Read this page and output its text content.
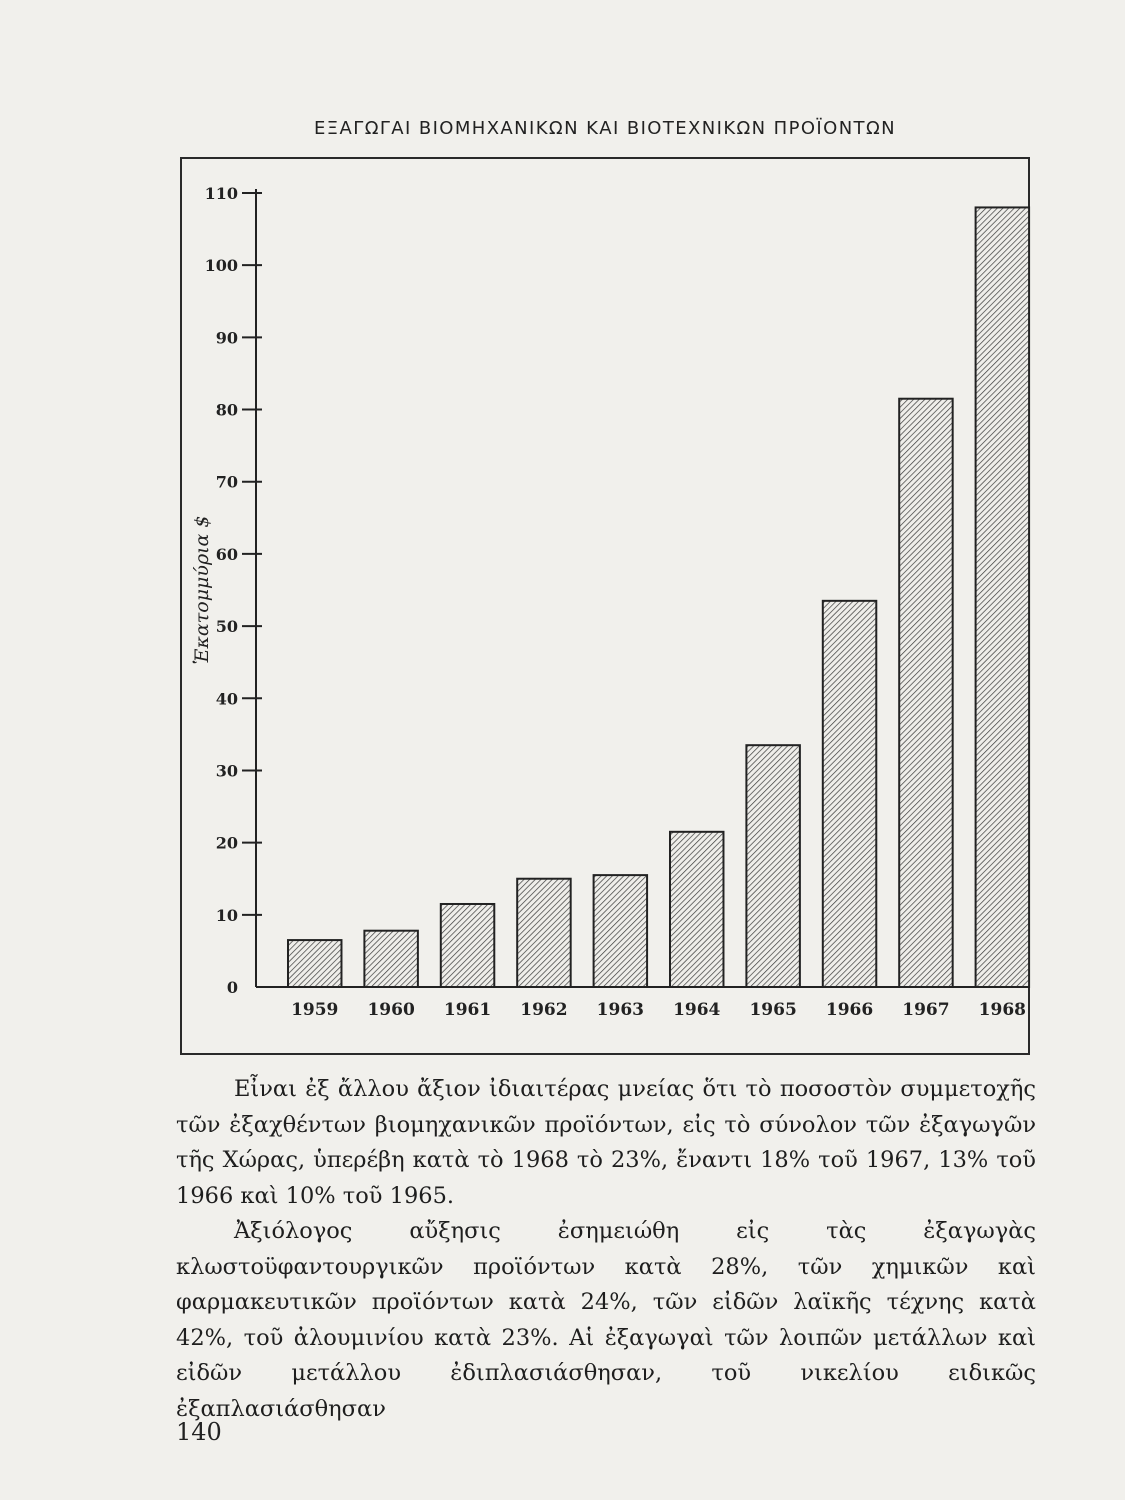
ΕΞΑΓΩΓΑΙ ΒΙΟΜΗΧΑΝΙΚΩΝ ΚΑΙ ΒΙΟΤΕΧΝΙΚΩΝ ΠΡΟΪΟΝΤΩΝ
0
10
20
30
40
50
60
70
80
90
100
110
1959 1960 1961 1962 1963 1964 1965 1966 1967 1968
Ἑκατομμύρια $

Εἶναι ἐξ ἄλλου ἄξιον ἰδιαιτέρας μνείας ὅτι τὸ ποσοστὸν συμμετοχῆς τῶν ἐξαχθέντων βιομηχανικῶν προϊόντων, εἰς τὸ σύνολον τῶν ἐξαγωγῶν τῆς Χώρας, ὑπερέβη κατὰ τὸ 1968 τὸ 23%, ἔναντι 18% τοῦ 1967, 13% τοῦ 1966 καὶ 10% τοῦ 1965.

Ἀξιόλογος αὔξησις ἐσημειώθη εἰς τὰς ἐξαγωγὰς κλωστοϋφαντουργικῶν προϊόντων κατὰ 28%, τῶν χημικῶν καὶ φαρμακευτικῶν προϊόντων κατὰ 24%, τῶν εἰδῶν λαϊκῆς τέχνης κατὰ 42%, τοῦ ἀλουμινίου κατὰ 23%. Αἱ ἐξαγωγαὶ τῶν λοιπῶν μετάλλων καὶ εἰδῶν μετάλλου ἐδιπλασιάσθησαν, τοῦ νικελίου ειδικῶς ἐξαπλασιάσθησαν

140
